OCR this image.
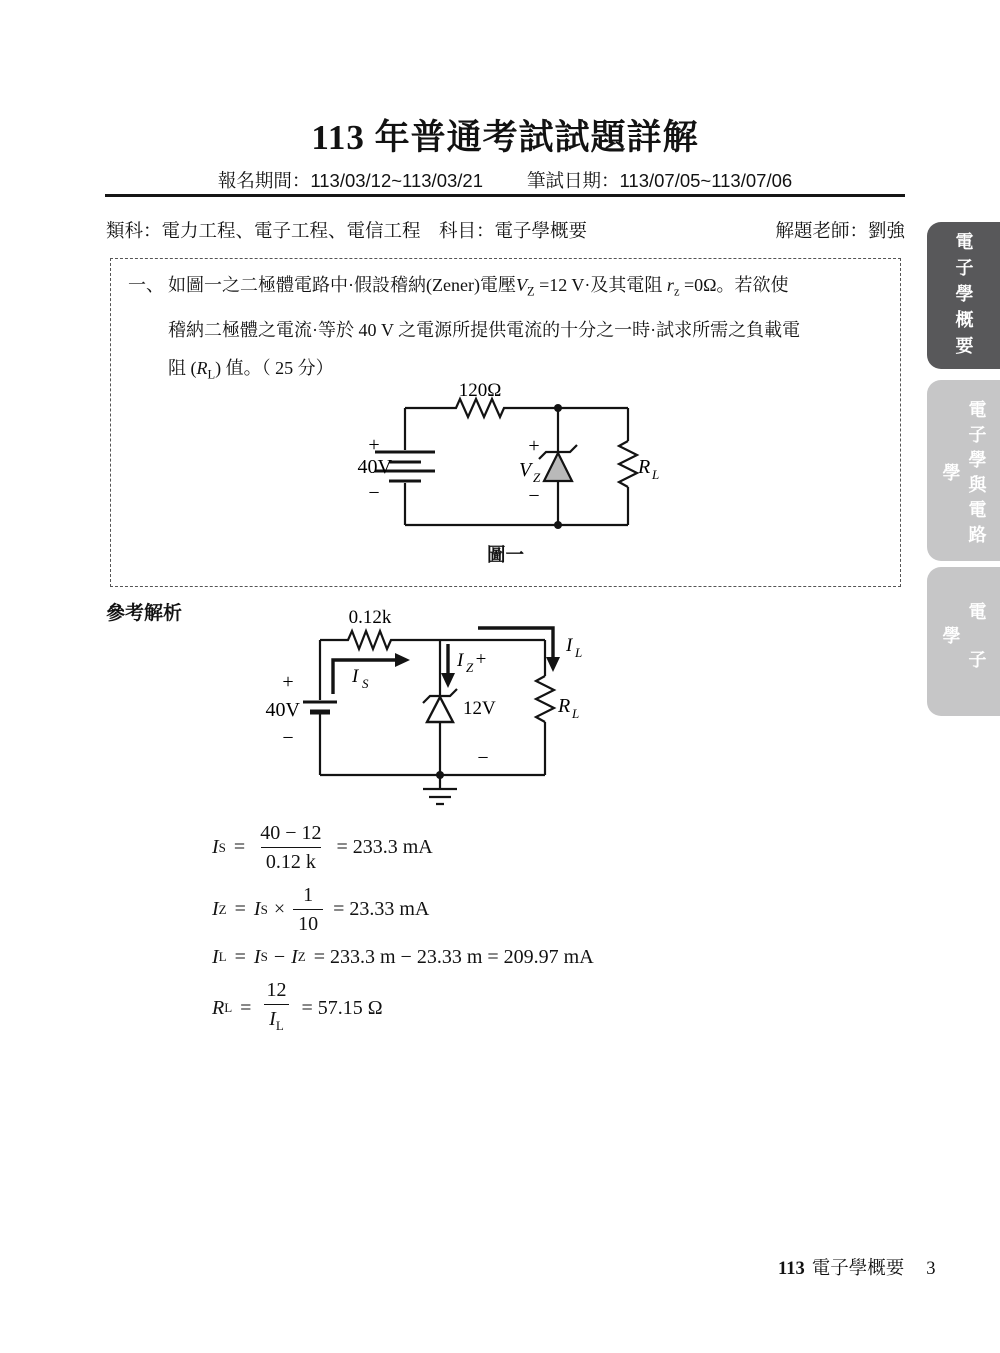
電子學概要
電子學與電路學
電子學
113 年普通考試試題詳解
報名期間：113/03/12~113/03/21 筆試日期：113/07/05~113/07/06
類科：電力工程、電子工程、電信工程　科目：電子學概要	解題老師：劉強
一、 如圖一之二極體電路中·假設稽納(Zener)電壓$V_Z =12$ V·及其電阻 $r_z =0\Omega$。若欲使
稽納二極體之電流·等於 40 V 之電源所提供電流的十分之一時·試求所需之負載電
阻 $(R_L)$ 值。（ 25 分）
120Ω
+
40V
−
+
V Z
−
R L
圖一
參考解析	0.12k
+
40V
−
I S
I Z +
I L
12V
−
R L
I $S = \frac{40 - 12}{0.12 k} = 233.3$ mA
I Z = I $S \times \frac{1}{10} = 23.33$ mA
I L = I S − I Z = 233.3 m − 23.33 m = 209.97 mA
R $L = \frac{12}{I_L} = 57.15$ Ω
113 電子學概要 3
